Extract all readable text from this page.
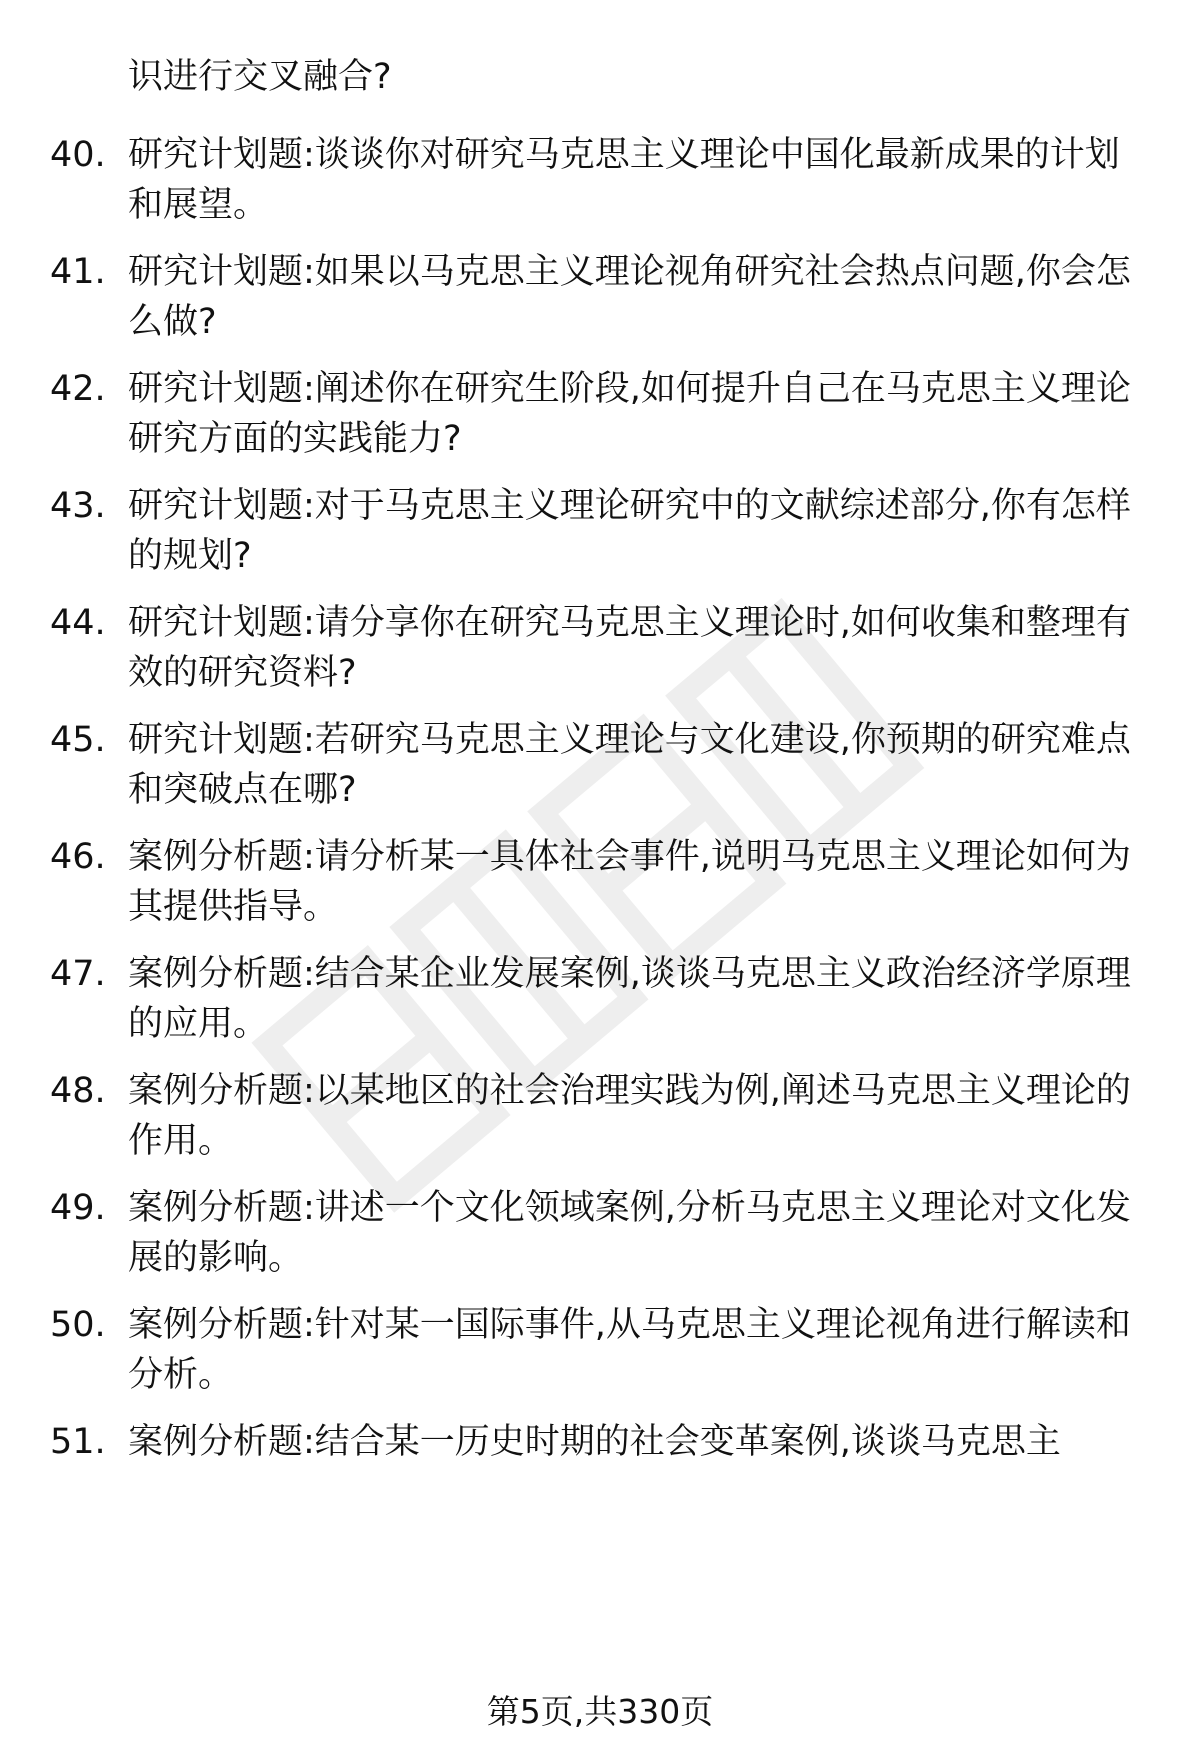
识进行交叉融合?
40. 研究计划题:谈谈你对研究马克思主义理论中国化最新成果的计划和展望。
41. 研究计划题:如果以马克思主义理论视角研究社会热点问题,你会怎么做?
42. 研究计划题:阐述你在研究生阶段,如何提升自己在马克思主义理论研究方面的实践能力?
43. 研究计划题:对于马克思主义理论研究中的文献综述部分,你有怎样的规划?
44. 研究计划题:请分享你在研究马克思主义理论时,如何收集和整理有效的研究资料?
45. 研究计划题:若研究马克思主义理论与文化建设,你预期的研究难点和突破点在哪?
46. 案例分析题:请分析某一具体社会事件,说明马克思主义理论如何为其提供指导。
47. 案例分析题:结合某企业发展案例,谈谈马克思主义政治经济学原理的应用。
48. 案例分析题:以某地区的社会治理实践为例,阐述马克思主义理论的作用。
49. 案例分析题:讲述一个文化领域案例,分析马克思主义理论对文化发展的影响。
50. 案例分析题:针对某一国际事件,从马克思主义理论视角进行解读和分析。
51. 案例分析题:结合某一历史时期的社会变革案例,谈谈马克思主
第5页,共330页
